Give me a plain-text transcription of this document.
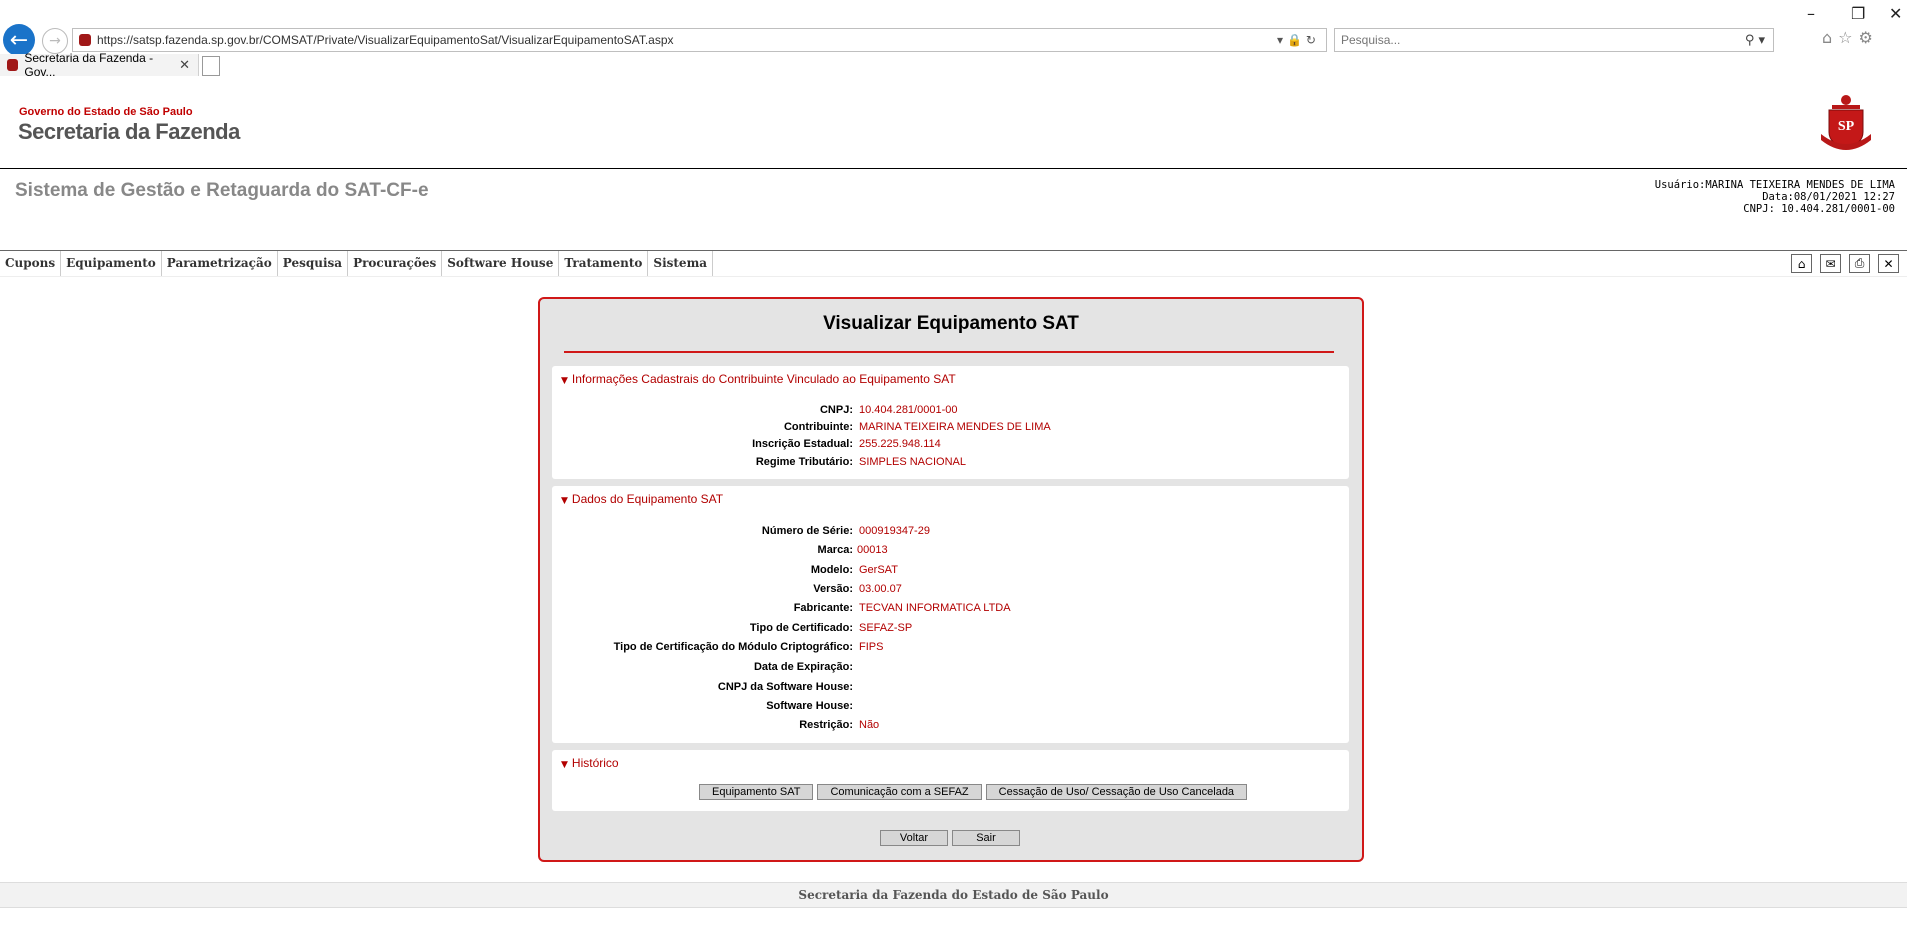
– ❐ ✕
← →	https://satsp.fazenda.sp.gov.br/COMSAT/Private/VisualizarEquipamentoSat/VisualizarEquipamentoSAT.aspx	▾🔒↻
Pesquisa...	⚲ ▾	⌂☆⚙
Secretaria da Fazenda - Gov...	✕
Governo do Estado de São Paulo
Secretaria da Fazenda	SP
Sistema de Gestão e Retaguarda do SAT-CF-e	Usuário:MARINA TEIXEIRA MENDES DE LIMA
Data:08/01/2021 12:27
CNPJ: 10.404.281/0001-00
Cupons Equipamento Parametrização Pesquisa Procurações Software House Tratamento Sistema	⌂	✉	⎙	✕
Visualizar Equipamento SAT
▼ Informações Cadastrais do Contribuinte Vinculado ao Equipamento SAT
CNPJ: 10.404.281/0001-00
Contribuinte: MARINA TEIXEIRA MENDES DE LIMA
Inscrição Estadual: 255.225.948.114
Regime Tributário: SIMPLES NACIONAL
▼ Dados do Equipamento SAT
Número de Série: 000919347-29
Marca: 00013
Modelo: GerSAT
Versão: 03.00.07
Fabricante: TECVAN INFORMATICA LTDA
Tipo de Certificado: SEFAZ-SP
Tipo de Certificação do Módulo Criptográfico: FIPS
Data de Expiração:
CNPJ da Software House:
Software House:
Restrição: Não
▼ Histórico
Equipamento SAT	Comunicação com a SEFAZ	Cessação de Uso/ Cessação de Uso Cancelada
Voltar	Sair
Secretaria da Fazenda do Estado de São Paulo
